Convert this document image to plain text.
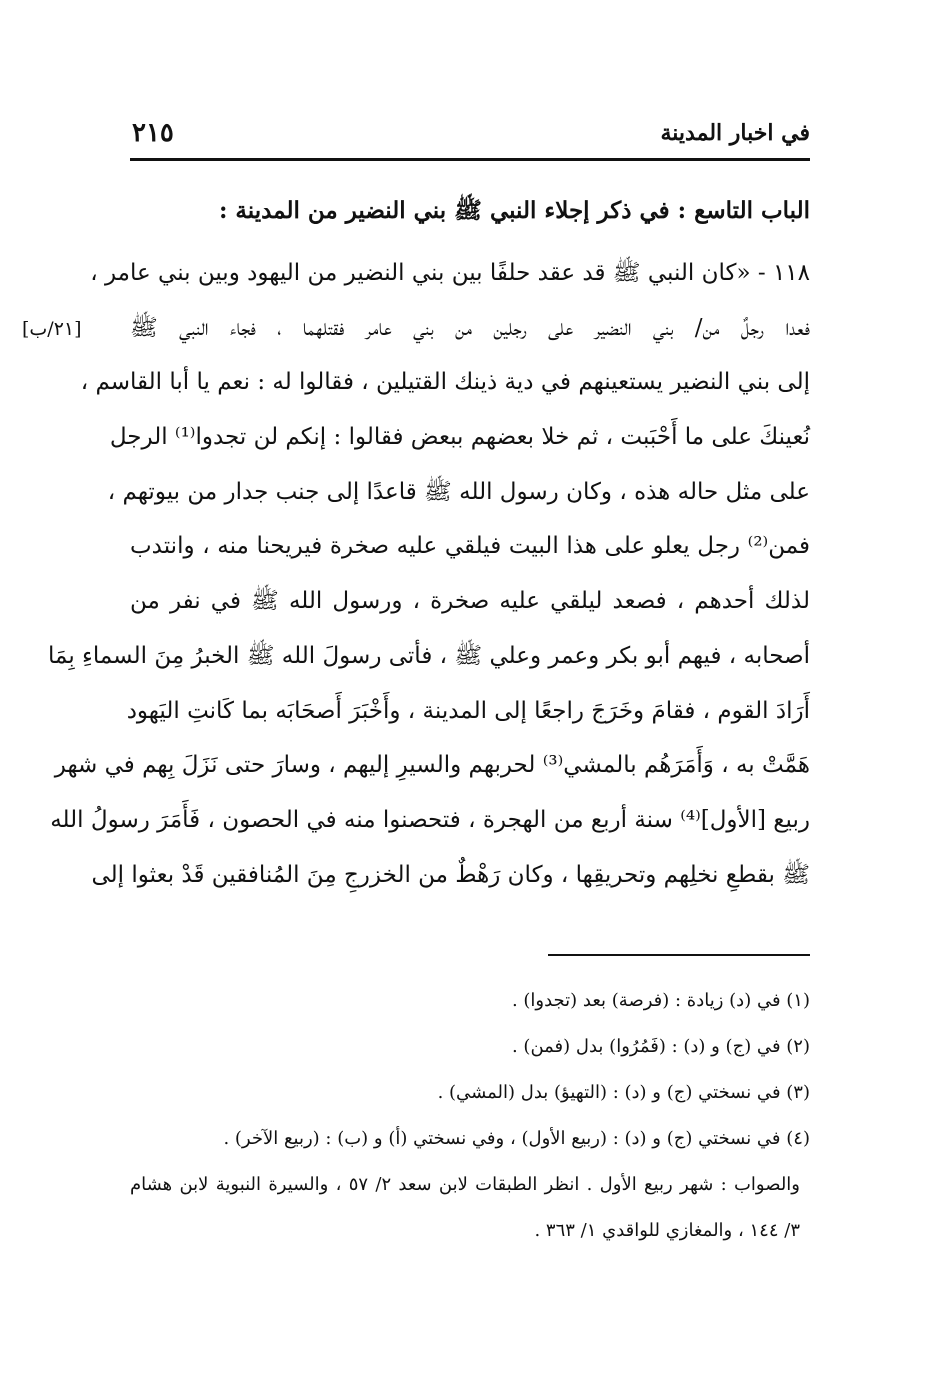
في اخبار المدينة
٢١٥
الباب التاسع : في ذكر إجلاء النبي ﷺ بني النضير من المدينة :
١١٨ - «كان النبي ﷺ قد عقد حلفًا بين بني النضير من اليهود وبين بني عامر ،
فعدا رجلٌ من/ بني النضير على رجلين من بني عامر فقتلهما ، فجاء النبي ﷺ
إلى بني النضير يستعينهم في دية ذينك القتيلين ، فقالوا له : نعم يا أبا القاسم ،
نُعينكَ على ما أَحْبَبت ، ثم خلا بعضهم ببعض فقالوا : إنكم لن تجدوا⁽¹⁾ الرجل
على مثل حاله هذه ، وكان رسول الله ﷺ قاعدًا إلى جنب جدار من بيوتهم ،
فمن⁽²⁾ رجل يعلو على هذا البيت فيلقي عليه صخرة فيريحنا منه ، وانتدب
لذلك أحدهم ، فصعد ليلقي عليه صخرة ، ورسول الله ﷺ في نفر من
أصحابه ، فيهم أبو بكر وعمر وعلي ﷺ ، فأتى رسولَ الله ﷺ الخبرُ مِنَ السماءِ بِمَا
أَرَادَ القوم ، فقامَ وخَرَجَ راجعًا إلى المدينة ، وأَخْبَرَ أَصحَابَه بما كَانتِ اليَهود
هَمَّتْ به ، وَأَمَرَهُم بالمشي⁽³⁾ لحربهم والسيرِ إليهم ، وسارَ حتى نَزَلَ بِهم في شهر
ربيع [الأول]⁽⁴⁾ سنة أربع من الهجرة ، فتحصنوا منه في الحصون ، فَأَمَرَ رسولُ الله
ﷺ بقطعِ نخلِهم وتحريقِها ، وكان رَهْطٌ من الخزرجِ مِنَ المُنافقين قَدْ بعثوا إلى
[٢١/ب]
(١) في (د) زيادة : (فرصة) بعد (تجدوا) .
(٢) في (ج) و (د) : (فَمُرُوا) بدل (فمن) .
(٣) في نسختي (ج) و (د) : (التهيؤ) بدل (المشي) .
(٤) في نسختي (ج) و (د) : (ربيع الأول) ، وفي نسختي (أ) و (ب) : (ربيع الآخر) .
والصواب : شهر ربيع الأول . انظر الطبقات لابن سعد ٢/ ٥٧ ، والسيرة النبوية لابن هشام
٣/ ١٤٤ ، والمغازي للواقدي ١/ ٣٦٣ .
